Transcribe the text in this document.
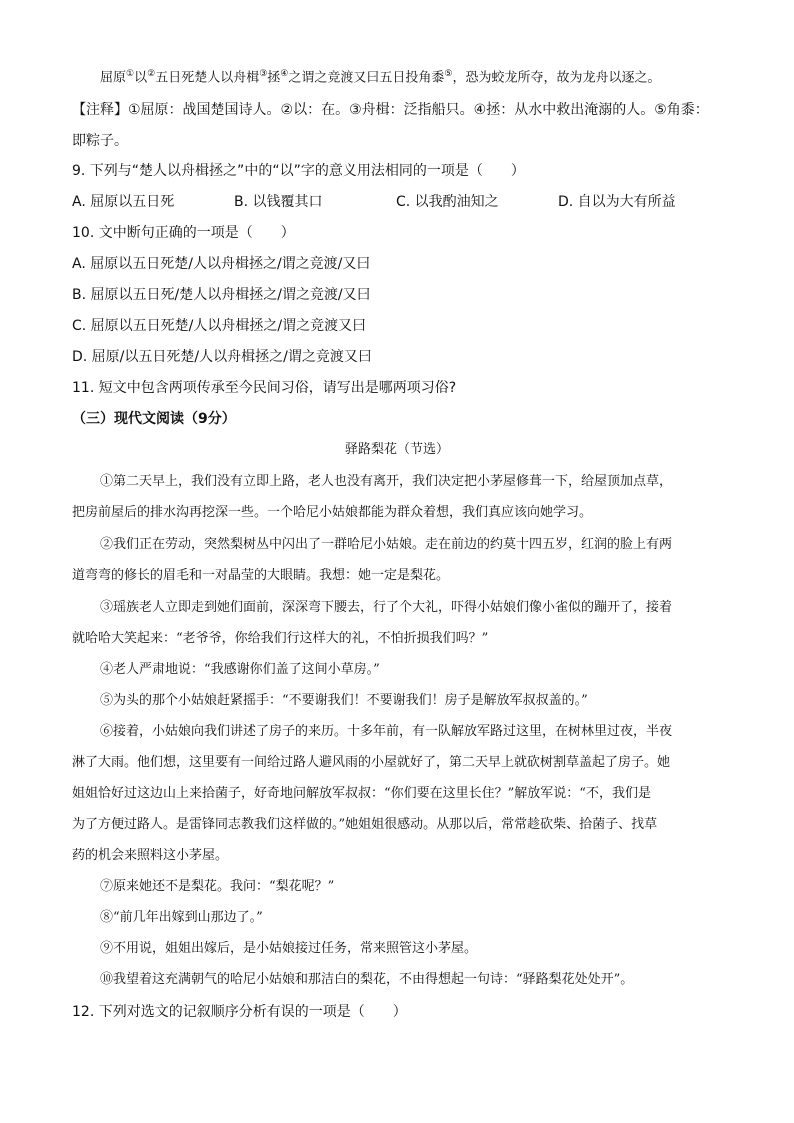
屈原①以②五日死楚人以舟楫③拯④之谓之竞渡又曰五日投角黍⑤，恐为蛟龙所夺，故为龙舟以逐之。
【注释】①屈原：战国楚国诗人。②以：在。③舟楫：泛指船只。④拯：从水中救出淹溺的人。⑤角黍：
即粽子。
9. 下列与“楚人以舟楫拯之”中的“以”字的意义用法相同的一项是（　　）
A. 屈原以五日死	B. 以钱覆其口	C. 以我酌油知之	D. 自以为大有所益
10. 文中断句正确的一项是（　　）
A. 屈原以五日死楚/人以舟楫拯之/谓之竞渡/又曰
B. 屈原以五日死/楚人以舟楫拯之/谓之竞渡/又曰
C. 屈原以五日死楚/人以舟楫拯之/谓之竞渡又曰
D. 屈原/以五日死楚/人以舟楫拯之/谓之竞渡又曰
11. 短文中包含两项传承至今民间习俗，请写出是哪两项习俗?
（三）现代文阅读（9分）
驿路梨花（节选）
①第二天早上，我们没有立即上路，老人也没有离开，我们决定把小茅屋修葺一下，给屋顶加点草，
把房前屋后的排水沟再挖深一些。一个哈尼小姑娘都能为群众着想，我们真应该向她学习。
②我们正在劳动，突然梨树丛中闪出了一群哈尼小姑娘。走在前边的约莫十四五岁，红润的脸上有两
道弯弯的修长的眉毛和一对晶莹的大眼睛。我想：她一定是梨花。
③瑶族老人立即走到她们面前，深深弯下腰去，行了个大礼，吓得小姑娘们像小雀似的蹦开了，接着
就哈哈大笑起来：“老爷爷，你给我们行这样大的礼，不怕折损我们吗？”
④老人严肃地说：“我感谢你们盖了这间小草房。”
⑤为头的那个小姑娘赶紧摇手：“不要谢我们！不要谢我们！房子是解放军叔叔盖的。”
⑥接着，小姑娘向我们讲述了房子的来历。十多年前，有一队解放军路过这里，在树林里过夜，半夜
淋了大雨。他们想，这里要有一间给过路人避风雨的小屋就好了，第二天早上就砍树割草盖起了房子。她
姐姐恰好过这边山上来拾菌子，好奇地问解放军叔叔：“你们要在这里长住？”解放军说：“不，我们是
为了方便过路人。是雷锋同志教我们这样做的。”她姐姐很感动。从那以后，常常趁砍柴、拾菌子、找草
药的机会来照料这小茅屋。
⑦原来她还不是梨花。我问：“梨花呢？”
⑧“前几年出嫁到山那边了。”
⑨不用说，姐姐出嫁后，是小姑娘接过任务，常来照管这小茅屋。
⑩我望着这充满朝气的哈尼小姑娘和那洁白的梨花，不由得想起一句诗：“驿路梨花处处开”。
12. 下列对选文的记叙顺序分析有误的一项是（　　）
